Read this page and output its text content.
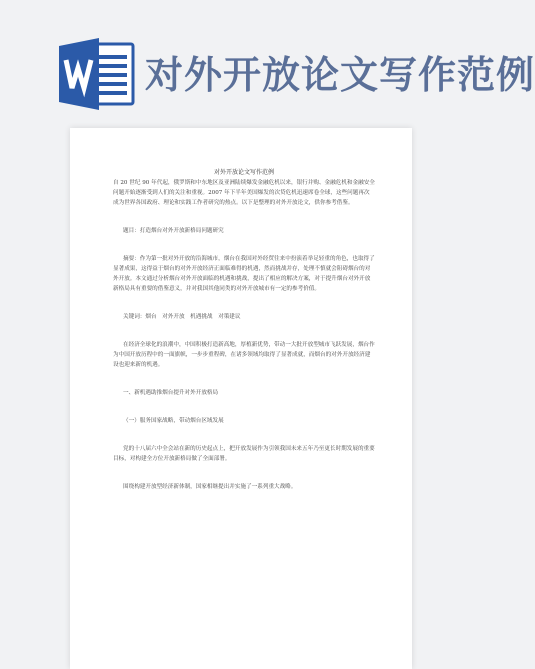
对外开放论文写作范例
对外开放论文写作范例

自 20 世纪 90 年代起，俄罗斯和中东地区及亚洲陆续爆发金融危机以来，银行并购、金融危机和金融安全问题开始逐渐受到人们的关注和重视。2007 年下半年美国爆发的次贷危机迅速席卷全球，这些问题再次成为世界各国政府、理论和实践工作者研究的热点。以下是整理的对外开放论文，供你参考借鉴。

题目：打造烟台对外开放新格局问题研究

摘要：作为第一批对外开放的沿海城市，烟台在我国对外经贸往来中扮演着举足轻重的角色，也取得了显著成果，这得益于烟台的对外开放经济正面临难得的机遇，然而挑战并存，处理不慎就会阻碍烟台的对外开放。本文通过分析烟台对外开放面临的机遇和挑战，提出了相应的解决方案，对于提升烟台对外开放新格局具有重要的借鉴意义，并对我国其他同类的对外开放城市有一定的参考价值。

关键词：烟台　对外开放　机遇挑战　对策建议

在经济全球化的浪潮中，中国积极打造新高地，厚植新优势，带动一大批开放型城市飞跃发展，烟台作为中国开放历程中的一面旗帜，一步步重程碑，在诸多领域均取得了显著成就，而烟台的对外开放经济建设也迎来新的机遇。

一、新机遇助推烟台提升对外开放格局

（一）服务国家战略，带动烟台区域发展

党的十八届六中全会站在新的历史起点上，把开放发展作为引领我国未来五年乃至更长时期发展的重要目标，对构建全方位开放新格局做了全面部署。

围绕构建开放型经济新体制，国家相继提出并实施了一系列重大战略。
